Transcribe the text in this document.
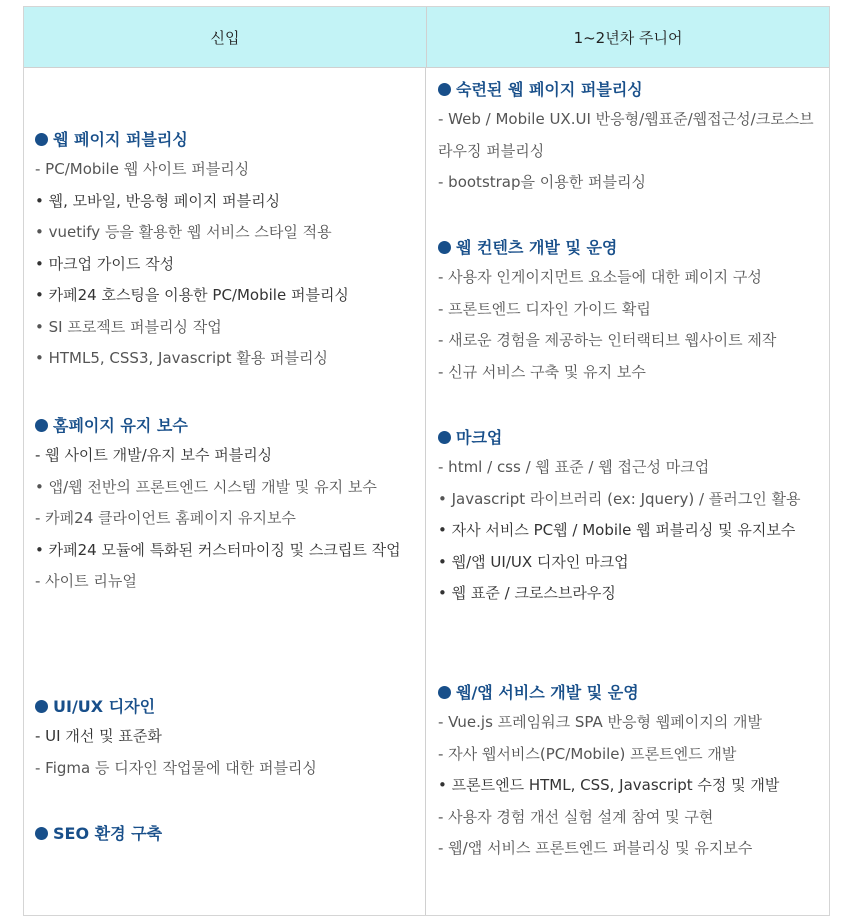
신입	1~2년차 주니어
웹 페이지 퍼블리싱
- PC/Mobile 웹 사이트 퍼블리싱
• 웹, 모바일, 반응형 페이지 퍼블리싱
• vuetify 등을 활용한 웹 서비스 스타일 적용
• 마크업 가이드 작성
• 카페24 호스팅을 이용한 PC/Mobile 퍼블리싱
• SI 프로젝트 퍼블리싱 작업
• HTML5, CSS3, Javascript 활용 퍼블리싱
홈페이지 유지 보수
- 웹 사이트 개발/유지 보수 퍼블리싱
• 앱/웹 전반의 프론트엔드 시스템 개발 및 유지 보수
- 카페24 클라이언트 홈페이지 유지보수
• 카페24 모듈에 특화된 커스터마이징 및 스크립트 작업
- 사이트 리뉴얼
UI/UX 디자인
- UI 개선 및 표준화
- Figma 등 디자인 작업물에 대한 퍼블리싱
SEO 환경 구축
숙련된 웹 페이지 퍼블리싱
- Web / Mobile UX.UI 반응형/웹표준/웹접근성/크로스브라우징 퍼블리싱
- bootstrap을 이용한 퍼블리싱
웹 컨텐츠 개발 및 운영
- 사용자 인게이지먼트 요소들에 대한 페이지 구성
- 프론트엔드 디자인 가이드 확립
- 새로운 경험을 제공하는 인터랙티브 웹사이트 제작
- 신규 서비스 구축 및 유지 보수
마크업
- html / css / 웹 표준 / 웹 접근성 마크업
• Javascript 라이브러리 (ex: Jquery) / 플러그인 활용
• 자사 서비스 PC웹 / Mobile 웹 퍼블리싱 및 유지보수
• 웹/앱 UI/UX 디자인 마크업
• 웹 표준 / 크로스브라우징
웹/앱 서비스 개발 및 운영
- Vue.js 프레임워크 SPA 반응형 웹페이지의 개발
- 자사 웹서비스(PC/Mobile) 프론트엔드 개발
• 프론트엔드 HTML, CSS, Javascript 수정 및 개발
- 사용자 경험 개선 실험 설계 참여 및 구현
- 웹/앱 서비스 프론트엔드 퍼블리싱 및 유지보수
